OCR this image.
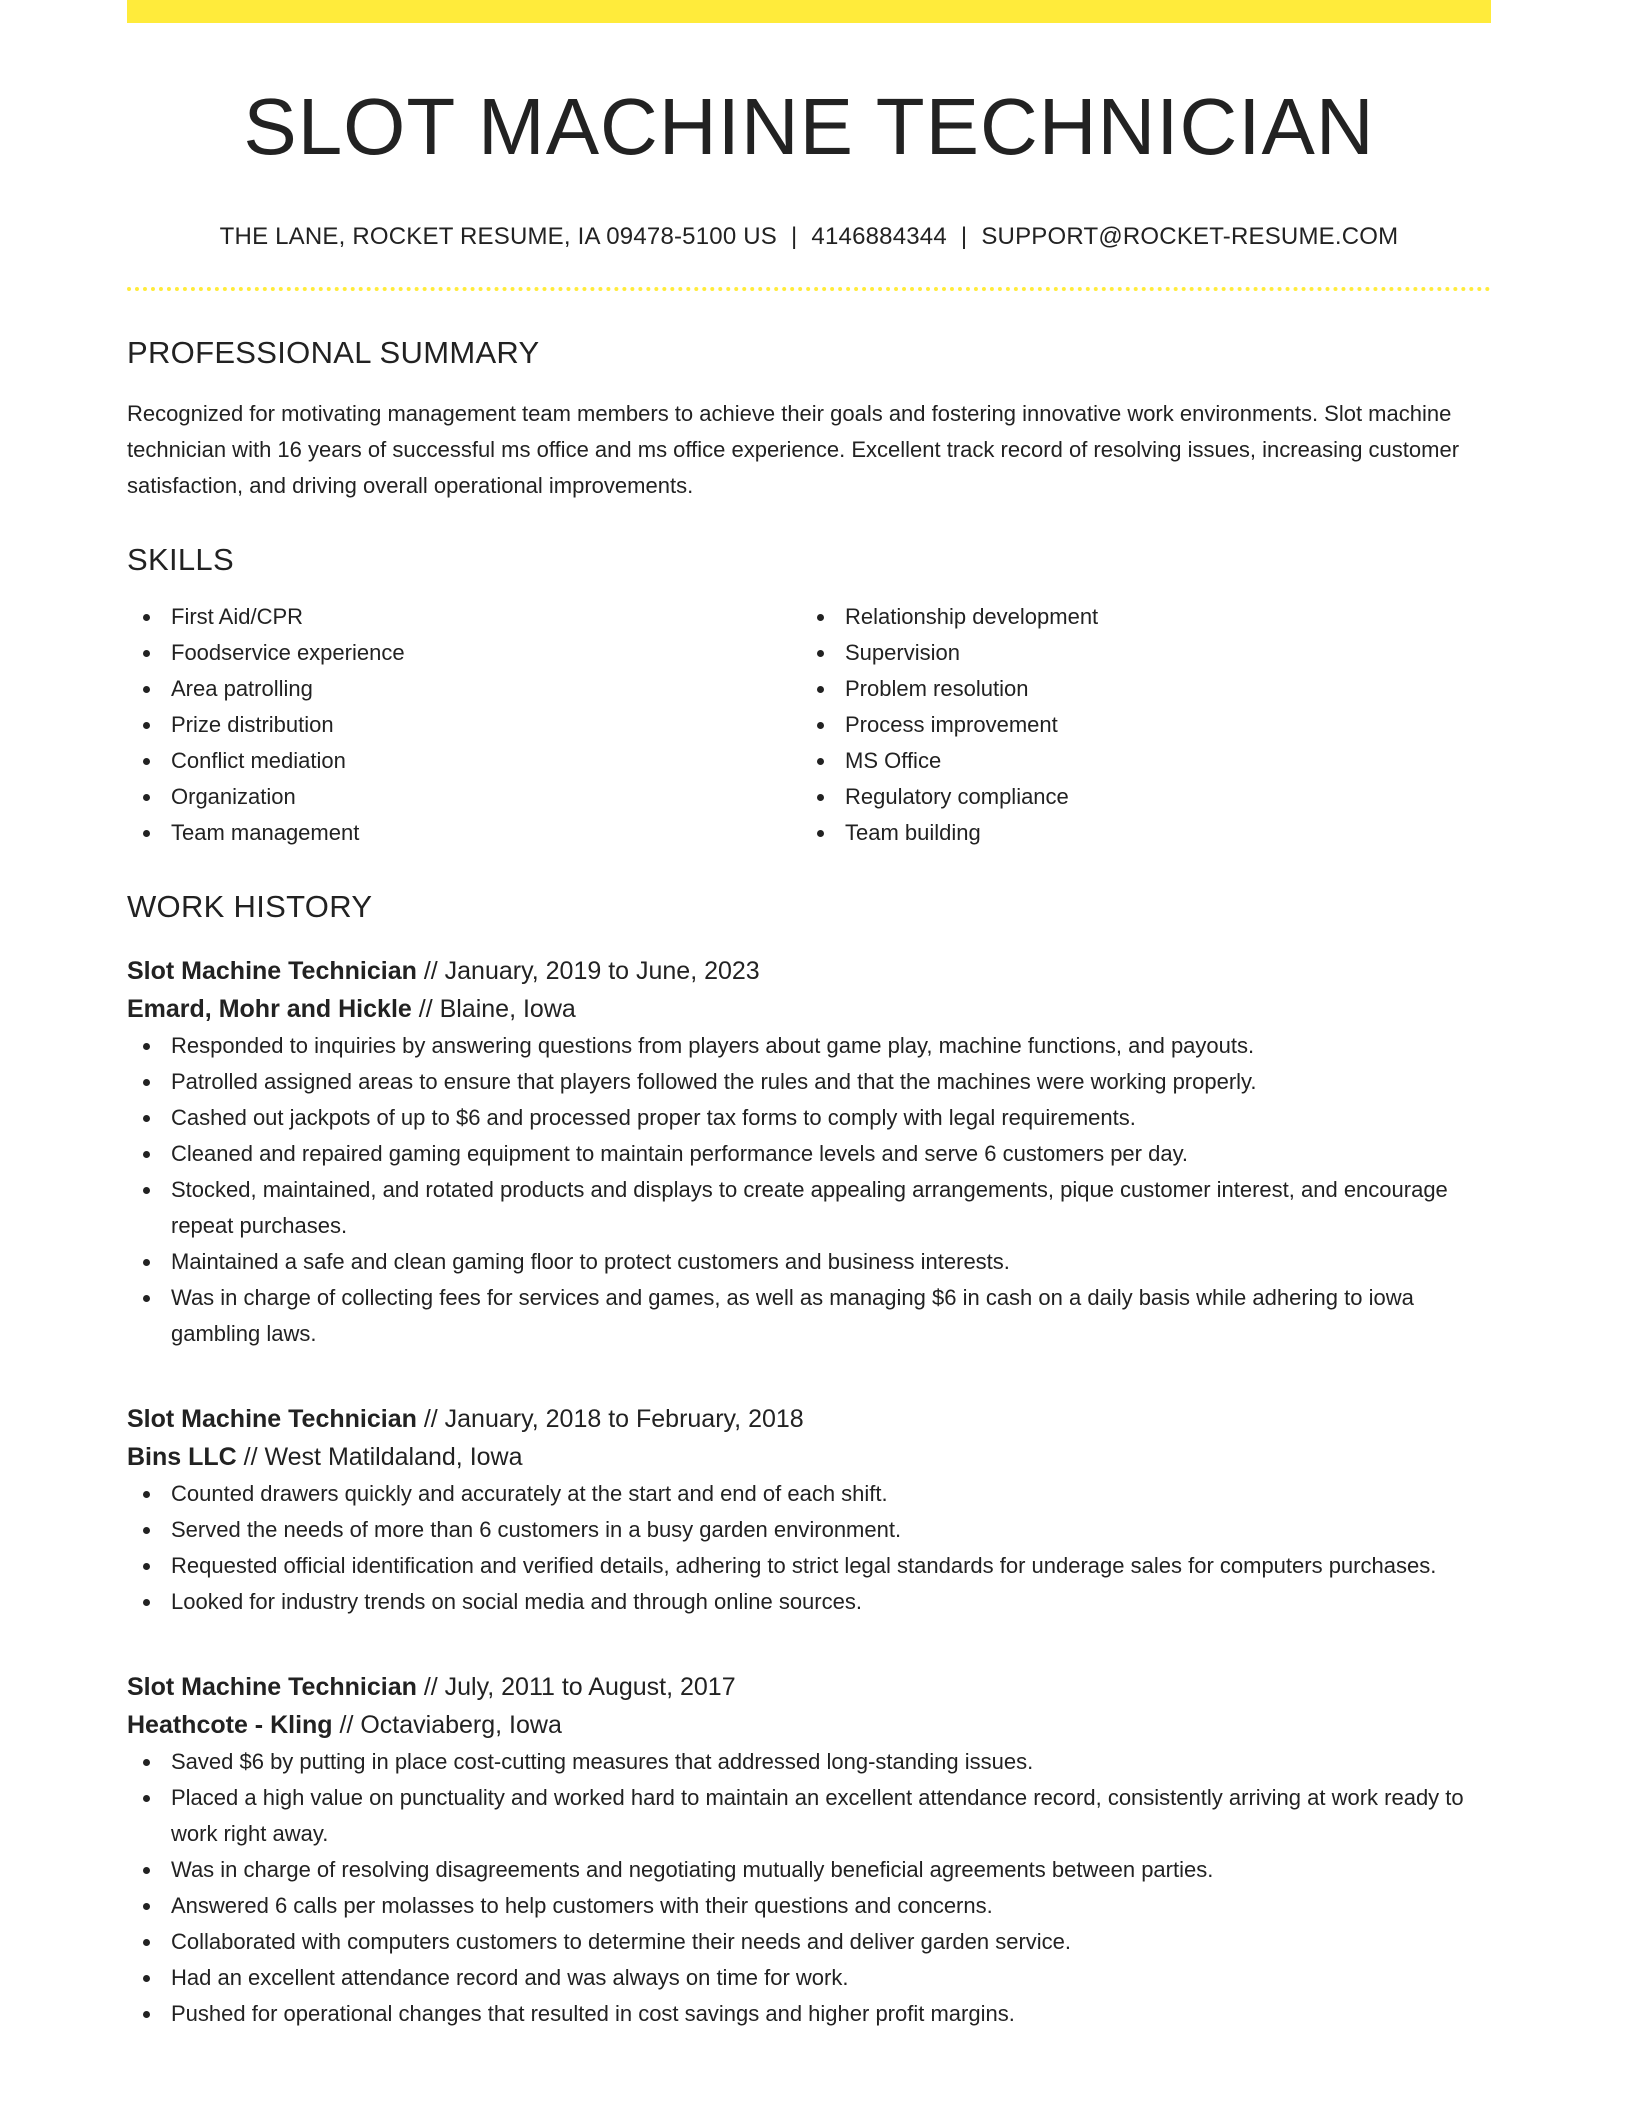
SLOT MACHINE TECHNICIAN
THE LANE, ROCKET RESUME, IA 09478-5100 US | 4146884344 | SUPPORT@ROCKET-RESUME.COM
PROFESSIONAL SUMMARY

Recognized for motivating management team members to achieve their goals and fostering innovative work environments. Slot machine technician with 16 years of successful ms office and ms office experience. Excellent track record of resolving issues, increasing customer satisfaction, and driving overall operational improvements.

SKILLS
First Aid/CPR
Foodservice experience
Area patrolling
Prize distribution
Conflict mediation
Organization
Team management
Relationship development
Supervision
Problem resolution
Process improvement
MS Office
Regulatory compliance
Team building
WORK HISTORY
Slot Machine Technician // January, 2019 to June, 2023
Emard, Mohr and Hickle // Blaine, Iowa
Responded to inquiries by answering questions from players about game play, machine functions, and payouts.
Patrolled assigned areas to ensure that players followed the rules and that the machines were working properly.
Cashed out jackpots of up to $6 and processed proper tax forms to comply with legal requirements.
Cleaned and repaired gaming equipment to maintain performance levels and serve 6 customers per day.
Stocked, maintained, and rotated products and displays to create appealing arrangements, pique customer interest, and encourage repeat purchases.
Maintained a safe and clean gaming floor to protect customers and business interests.
Was in charge of collecting fees for services and games, as well as managing $6 in cash on a daily basis while adhering to iowa gambling laws.
Slot Machine Technician // January, 2018 to February, 2018
Bins LLC // West Matildaland, Iowa
Counted drawers quickly and accurately at the start and end of each shift.
Served the needs of more than 6 customers in a busy garden environment.
Requested official identification and verified details, adhering to strict legal standards for underage sales for computers purchases.
Looked for industry trends on social media and through online sources.
Slot Machine Technician // July, 2011 to August, 2017
Heathcote - Kling // Octaviaberg, Iowa
Saved $6 by putting in place cost-cutting measures that addressed long-standing issues.
Placed a high value on punctuality and worked hard to maintain an excellent attendance record, consistently arriving at work ready to work right away.
Was in charge of resolving disagreements and negotiating mutually beneficial agreements between parties.
Answered 6 calls per molasses to help customers with their questions and concerns.
Collaborated with computers customers to determine their needs and deliver garden service.
Had an excellent attendance record and was always on time for work.
Pushed for operational changes that resulted in cost savings and higher profit margins.
